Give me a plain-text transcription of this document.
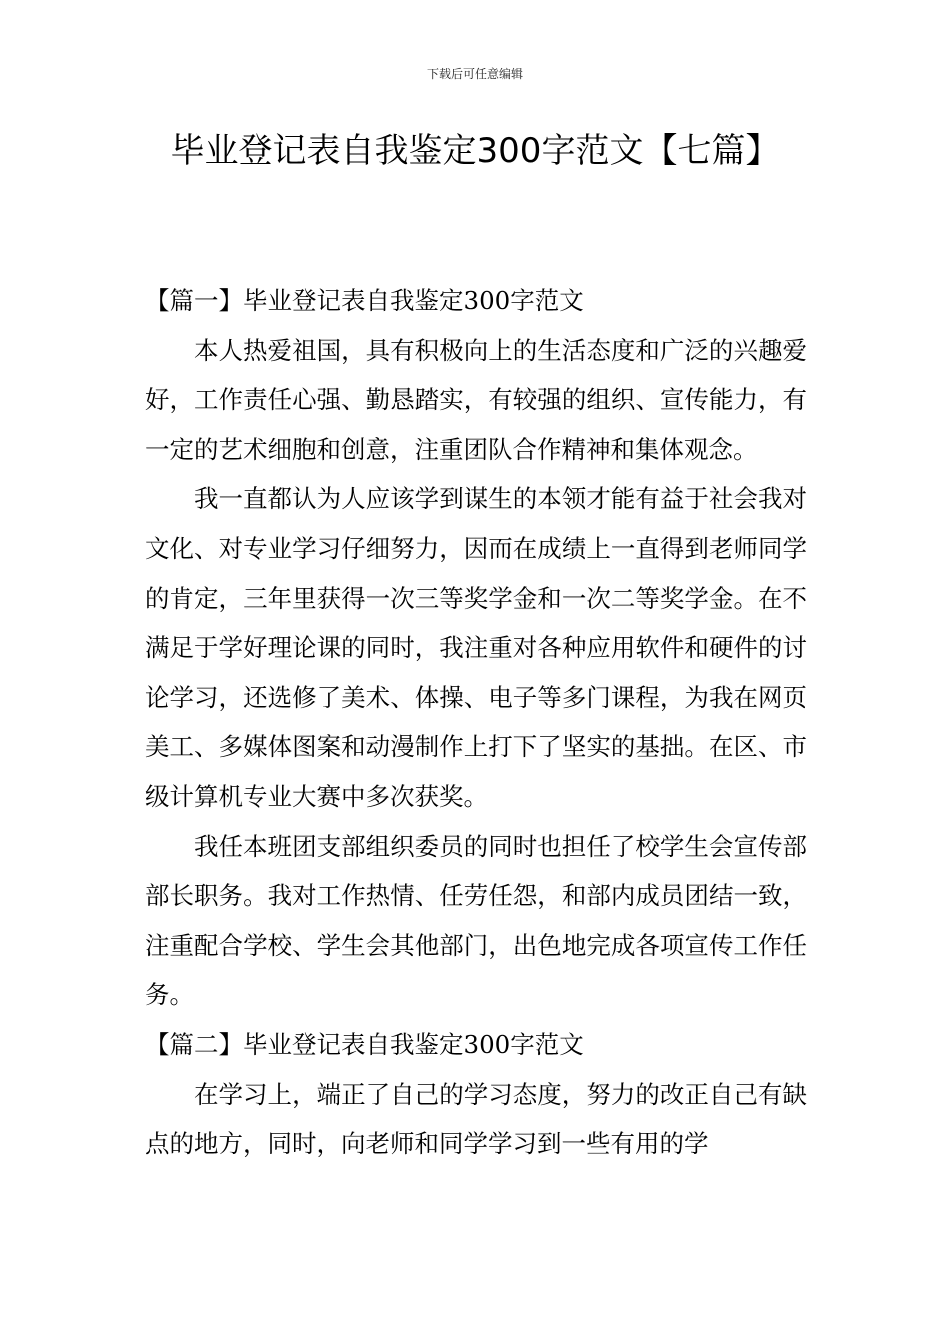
下载后可任意编辑
毕业登记表自我鉴定300字范文【七篇】
【篇一】毕业登记表自我鉴定300字范文

本人热爱祖国，具有积极向上的生活态度和广泛的兴趣爱好，工作责任心强、勤恳踏实，有较强的组织、宣传能力，有一定的艺术细胞和创意，注重团队合作精神和集体观念。

我一直都认为人应该学到谋生的本领才能有益于社会我对文化、对专业学习仔细努力，因而在成绩上一直得到老师同学的肯定，三年里获得一次三等奖学金和一次二等奖学金。在不满足于学好理论课的同时，我注重对各种应用软件和硬件的讨论学习，还选修了美术、体操、电子等多门课程，为我在网页美工、多媒体图案和动漫制作上打下了坚实的基拙。在区、市级计算机专业大赛中多次获奖。

我任本班团支部组织委员的同时也担任了校学生会宣传部部长职务。我对工作热情、任劳任怨，和部内成员团结一致，注重配合学校、学生会其他部门，出色地完成各项宣传工作任务。

【篇二】毕业登记表自我鉴定300字范文

在学习上，端正了自己的学习态度，努力的改正自己有缺点的地方，同时，向老师和同学学习到一些有用的学
